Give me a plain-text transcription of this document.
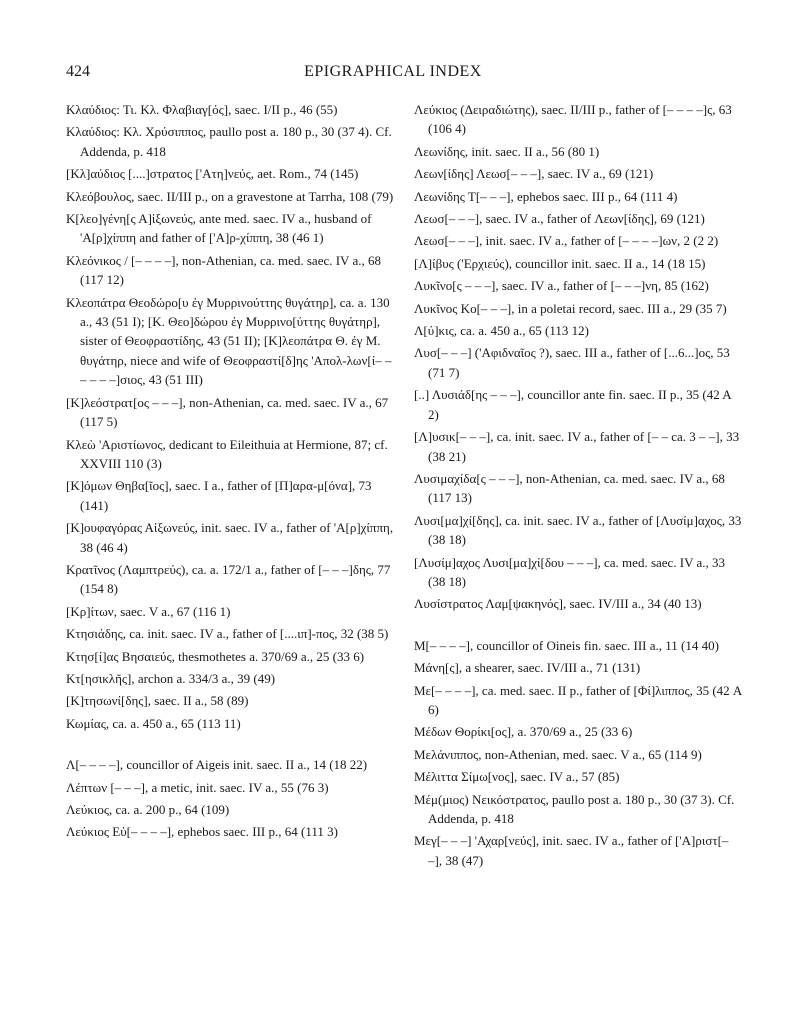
424	EPIGRAPHICAL INDEX

Κλαύδιος: Τι. Κλ. Φλαβιαγ[ός], saec. I/II p., 46 (55)

Κλαύδιος: Κλ. Χρύσιππος, paullo post a. 180 p., 30 (37 4). Cf. Addenda, p. 418

[Κλ]αύδιος [....]στρατος ['Ατη]νεύς, aet. Rom., 74 (145)

Κλεόβουλος, saec. II/III p., on a gravestone at Tarrha, 108 (79)

Κ[λεο]γένη[ς Α]ἰξωνεύς, ante med. saec. IV a., husband of 'Α[ρ]χίππη and father of ['Α]ρ-χίππη, 38 (46 1)

Κλεόνικος / [– – – –], non-Athenian, ca. med. saec. IV a., 68 (117 12)

Κλεοπάτρα Θεοδώρο[υ ἐγ Μυρρινούττης θυγάτηρ], ca. a. 130 a., 43 (51 I); [Κ. Θεο]δώρου ἐγ Μυρρινο[ύττης θυγάτηρ], sister of Θεοφραστίδης, 43 (51 II); [Κ]λεοπάτρα Θ. ἐγ Μ. θυγάτηρ, niece and wife of Θεοφραστί[δ]ης 'Απολ-λων[ί– – – – – –]σιος, 43 (51 III)

[Κ]λεόστρατ[ος – – –], non-Athenian, ca. med. saec. IV a., 67 (117 5)

Κλεὼ 'Αριστίωνος, dedicant to Eileithuia at Hermione, 87; cf. XXVIII 110 (3)

[Κ]όμων Θηβα[ῖος], saec. I a., father of [Π]αρα-μ[όνα], 73 (141)

[Κ]ουφαγόρας Αἰξωνεύς, init. saec. IV a., father of 'Α[ρ]χίππη, 38 (46 4)

Κρατῖνος (Λαμπτρεύς), ca. a. 172/1 a., father of [– – –]δης, 77 (154 8)

[Κρ]ίτων, saec. V a., 67 (116 1)

Κτησιάδης, ca. init. saec. IV a., father of [....ιπ]-πος, 32 (38 5)

Κτησ[ί]ας Βησαιεύς, thesmothetes a. 370/69 a., 25 (33 6)

Κτ[ησικλῆς], archon a. 334/3 a., 39 (49)

[Κ]τησωνί[δης], saec. II a., 58 (89)

Κωμίας, ca. a. 450 a., 65 (113 11)

Λ[– – – –], councillor of Aigeis init. saec. II a., 14 (18 22)

Λέπτων [– – –], a metic, init. saec. IV a., 55 (76 3)

Λεύκιος, ca. a. 200 p., 64 (109)

Λεύκιος Εὐ[– – – –], ephebos saec. III p., 64 (111 3)

Λεύκιος (Δειραδιώτης), saec. II/III p., father of [– – – –]ς, 63 (106 4)

Λεωνίδης, init. saec. II a., 56 (80 1)

Λεων[ίδης] Λεωσ[– – –], saec. IV a., 69 (121)

Λεωνίδης Τ[– – –], ephebos saec. III p., 64 (111 4)

Λεωσ[– – –], saec. IV a., father of Λεων[ίδης], 69 (121)

Λεωσ[– – –], init. saec. IV a., father of [– – – –]ων, 2 (2 2)

[Λ]ίβυς ('Ερχιεύς), councillor init. saec. II a., 14 (18 15)

Λυκῖνο[ς – – –], saec. IV a., father of [– – –]νη, 85 (162)

Λυκῖνος Κο[– – –], in a poletai record, saec. III a., 29 (35 7)

Λ[ύ]κις, ca. a. 450 a., 65 (113 12)

Λυσ[– – –] ('Αφιδναῖος ?), saec. III a., father of [...6...]ος, 53 (71 7)

[..] Λυσιάδ[ης – – –], councillor ante fin. saec. II p., 35 (42 A 2)

[Λ]υσικ[– – –], ca. init. saec. IV a., father of [– – ca. 3 – –], 33 (38 21)

Λυσιμαχίδα[ς – – –], non-Athenian, ca. med. saec. IV a., 68 (117 13)

Λυσι[μα]χί[δης], ca. init. saec. IV a., father of [Λυσίμ]αχος, 33 (38 18)

[Λυσίμ]αχος Λυσι[μα]χί[δου – – –], ca. med. saec. IV a., 33 (38 18)

Λυσίστρατος Λαμ[ψακηνός], saec. IV/III a., 34 (40 13)

Μ[– – – –], councillor of Oineis fin. saec. III a., 11 (14 40)

Μάνη[ς], a shearer, saec. IV/III a., 71 (131)

Με[– – – –], ca. med. saec. II p., father of [Φί]λιππος, 35 (42 A 6)

Μέδων Θορίκι[ος], a. 370/69 a., 25 (33 6)

Μελάνιππος, non-Athenian, med. saec. V a., 65 (114 9)

Μέλιττα Σίμω[νος], saec. IV a., 57 (85)

Μέμ(μιος) Νεικόστρατος, paullo post a. 180 p., 30 (37 3). Cf. Addenda, p. 418

Μεγ[– – –] 'Αχαρ[νεύς], init. saec. IV a., father of ['Α]ριστ[– –], 38 (47)
